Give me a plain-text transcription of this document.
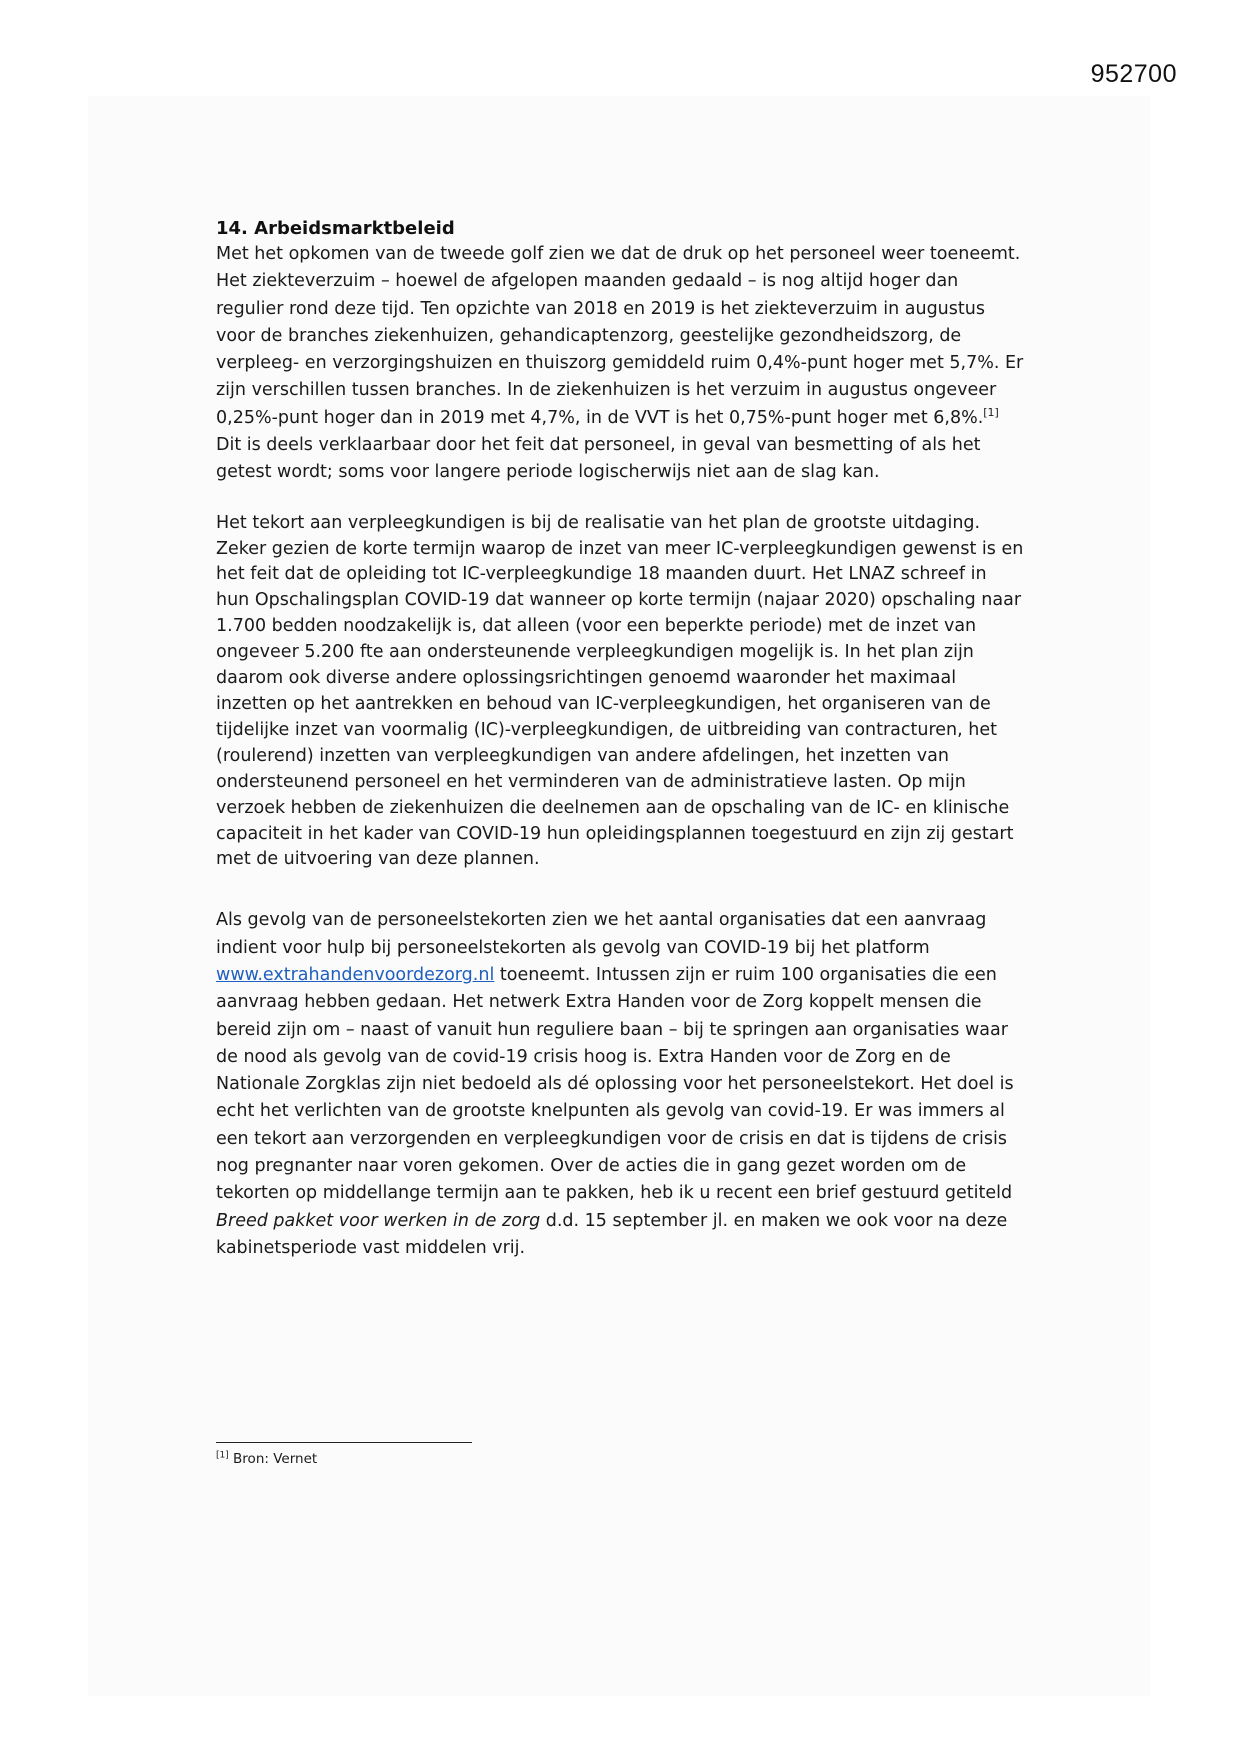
952700
14. Arbeidsmarktbeleid

Met het opkomen van de tweede golf zien we dat de druk op het personeel weer toeneemt. Het ziekteverzuim – hoewel de afgelopen maanden gedaald – is nog altijd hoger dan regulier rond deze tijd. Ten opzichte van 2018 en 2019 is het ziekteverzuim in augustus voor de branches ziekenhuizen, gehandicaptenzorg, geestelijke gezondheidszorg, de verpleeg- en verzorgingshuizen en thuiszorg gemiddeld ruim 0,4%-punt hoger met 5,7%. Er zijn verschillen tussen branches. In de ziekenhuizen is het verzuim in augustus ongeveer 0,25%-punt hoger dan in 2019 met 4,7%, in de VVT is het 0,75%-punt hoger met 6,8%.[1] Dit is deels verklaarbaar door het feit dat personeel, in geval van besmetting of als het getest wordt; soms voor langere periode logischerwijs niet aan de slag kan.

Het tekort aan verpleegkundigen is bij de realisatie van het plan de grootste uitdaging. Zeker gezien de korte termijn waarop de inzet van meer IC-verpleegkundigen gewenst is en het feit dat de opleiding tot IC-verpleegkundige 18 maanden duurt. Het LNAZ schreef in hun Opschalingsplan COVID-19 dat wanneer op korte termijn (najaar 2020) opschaling naar 1.700 bedden noodzakelijk is, dat alleen (voor een beperkte periode) met de inzet van ongeveer 5.200 fte aan ondersteunende verpleegkundigen mogelijk is. In het plan zijn daarom ook diverse andere oplossingsrichtingen genoemd waaronder het maximaal inzetten op het aantrekken en behoud van IC-verpleegkundigen, het organiseren van de tijdelijke inzet van voormalig (IC)-verpleegkundigen, de uitbreiding van contracturen, het (roulerend) inzetten van verpleegkundigen van andere afdelingen, het inzetten van ondersteunend personeel en het verminderen van de administratieve lasten. Op mijn verzoek hebben de ziekenhuizen die deelnemen aan de opschaling van de IC- en klinische capaciteit in het kader van COVID-19 hun opleidingsplannen toegestuurd en zijn zij gestart met de uitvoering van deze plannen.

Als gevolg van de personeelstekorten zien we het aantal organisaties dat een aanvraag indient voor hulp bij personeelstekorten als gevolg van COVID-19 bij het platform www.extrahandenvoordezorg.nl toeneemt. Intussen zijn er ruim 100 organisaties die een aanvraag hebben gedaan. Het netwerk Extra Handen voor de Zorg koppelt mensen die bereid zijn om – naast of vanuit hun reguliere baan – bij te springen aan organisaties waar de nood als gevolg van de covid-19 crisis hoog is. Extra Handen voor de Zorg en de Nationale Zorgklas zijn niet bedoeld als dé oplossing voor het personeelstekort. Het doel is echt het verlichten van de grootste knelpunten als gevolg van covid-19. Er was immers al een tekort aan verzorgenden en verpleegkundigen voor de crisis en dat is tijdens de crisis nog pregnanter naar voren gekomen. Over de acties die in gang gezet worden om de tekorten op middellange termijn aan te pakken, heb ik u recent een brief gestuurd getiteld Breed pakket voor werken in de zorg d.d. 15 september jl. en maken we ook voor na deze kabinetsperiode vast middelen vrij.

[1] Bron: Vernet
